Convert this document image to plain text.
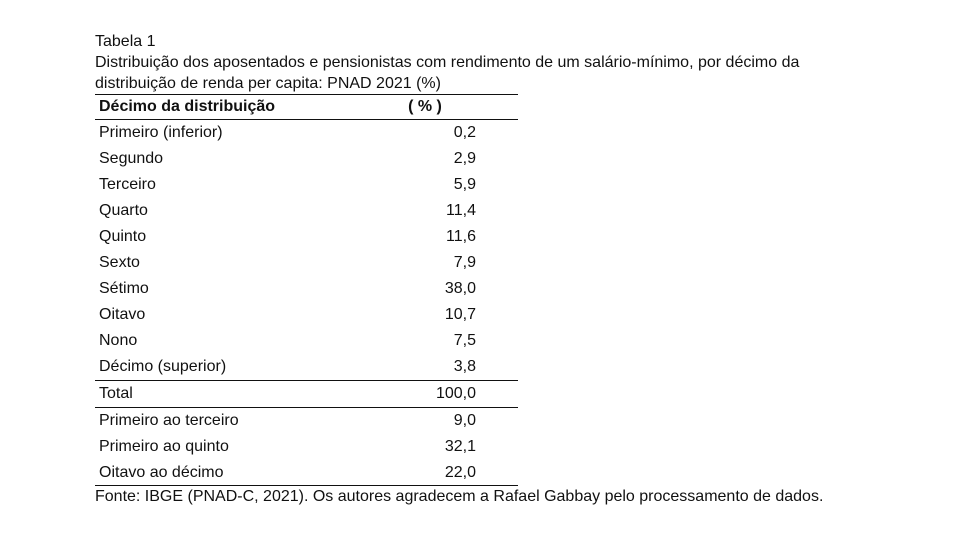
Tabela 1

Distribuição dos aposentados e pensionistas com rendimento de um salário-mínimo, por décimo da

distribuição de renda per capita: PNAD 2021 (%)

Décimo da distribuição	( % )
Primeiro (inferior)	0,2
Segundo	2,9
Terceiro	5,9
Quarto	11,4
Quinto	11,6
Sexto	7,9
Sétimo	38,0
Oitavo	10,7
Nono	7,5
Décimo (superior)	3,8
Total	100,0
Primeiro ao terceiro	9,0
Primeiro ao quinto	32,1
Oitavo ao décimo	22,0

Fonte: IBGE (PNAD-C, 2021). Os autores agradecem a Rafael Gabbay pelo processamento de dados.
